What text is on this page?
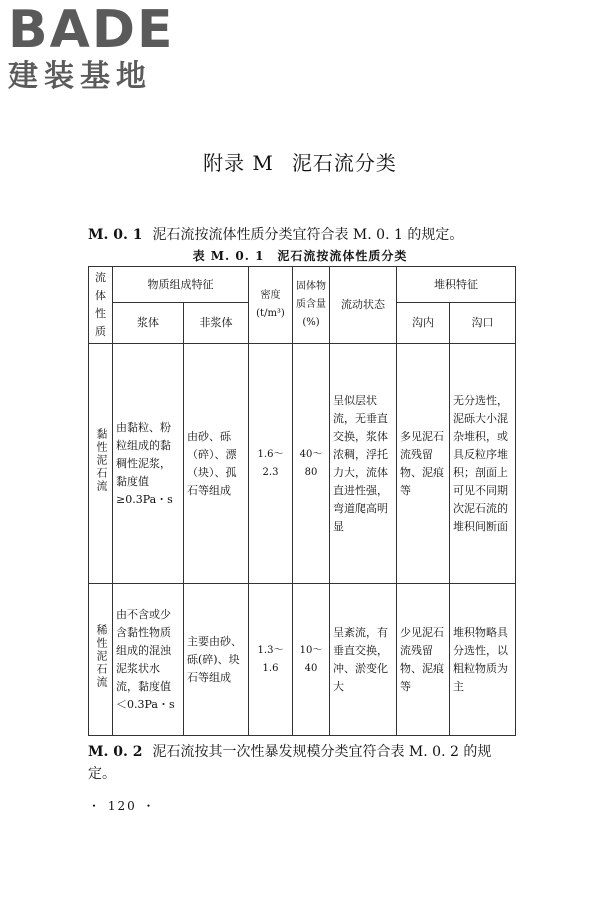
BADE
建装基地
附录 M 泥石流分类
M. 0. 1 泥石流按流体性质分类宜符合表 M. 0. 1 的规定。
表 M. 0. 1　泥石流按流体性质分类
流体性质	物质组成特征		密度 (t/m³)	固体物质含量 (%)	流动状态	堆积特征	
	浆体	非浆体				沟内	沟口
黏性泥石流	由黏粒、粉粒组成的黏稠性泥浆，黏度值≥0.3Pa・s	由砂、砾（碎）、漂（块）、孤石等组成	1.6～2.3	40～80	呈似层状流，无垂直交换，浆体浓稠，浮托力大，流体直进性强，弯道爬高明显	多见泥石流残留物、泥痕等	无分选性，泥砾大小混杂堆积，或具反粒序堆积；剖面上可见不同期次泥石流的堆积间断面
稀性泥石流	由不含或少含黏性物质组成的混浊泥浆状水流，黏度值＜0.3Pa・s	主要由砂、砾(碎)、块石等组成	1.3～1.6	10～40	呈紊流，有垂直交换，冲、淤变化大	少见泥石流残留物、泥痕等	堆积物略具分选性，以粗粒物质为主
M. 0. 2 泥石流按其一次性暴发规模分类宜符合表 M. 0. 2 的规定。
・ 120 ・
